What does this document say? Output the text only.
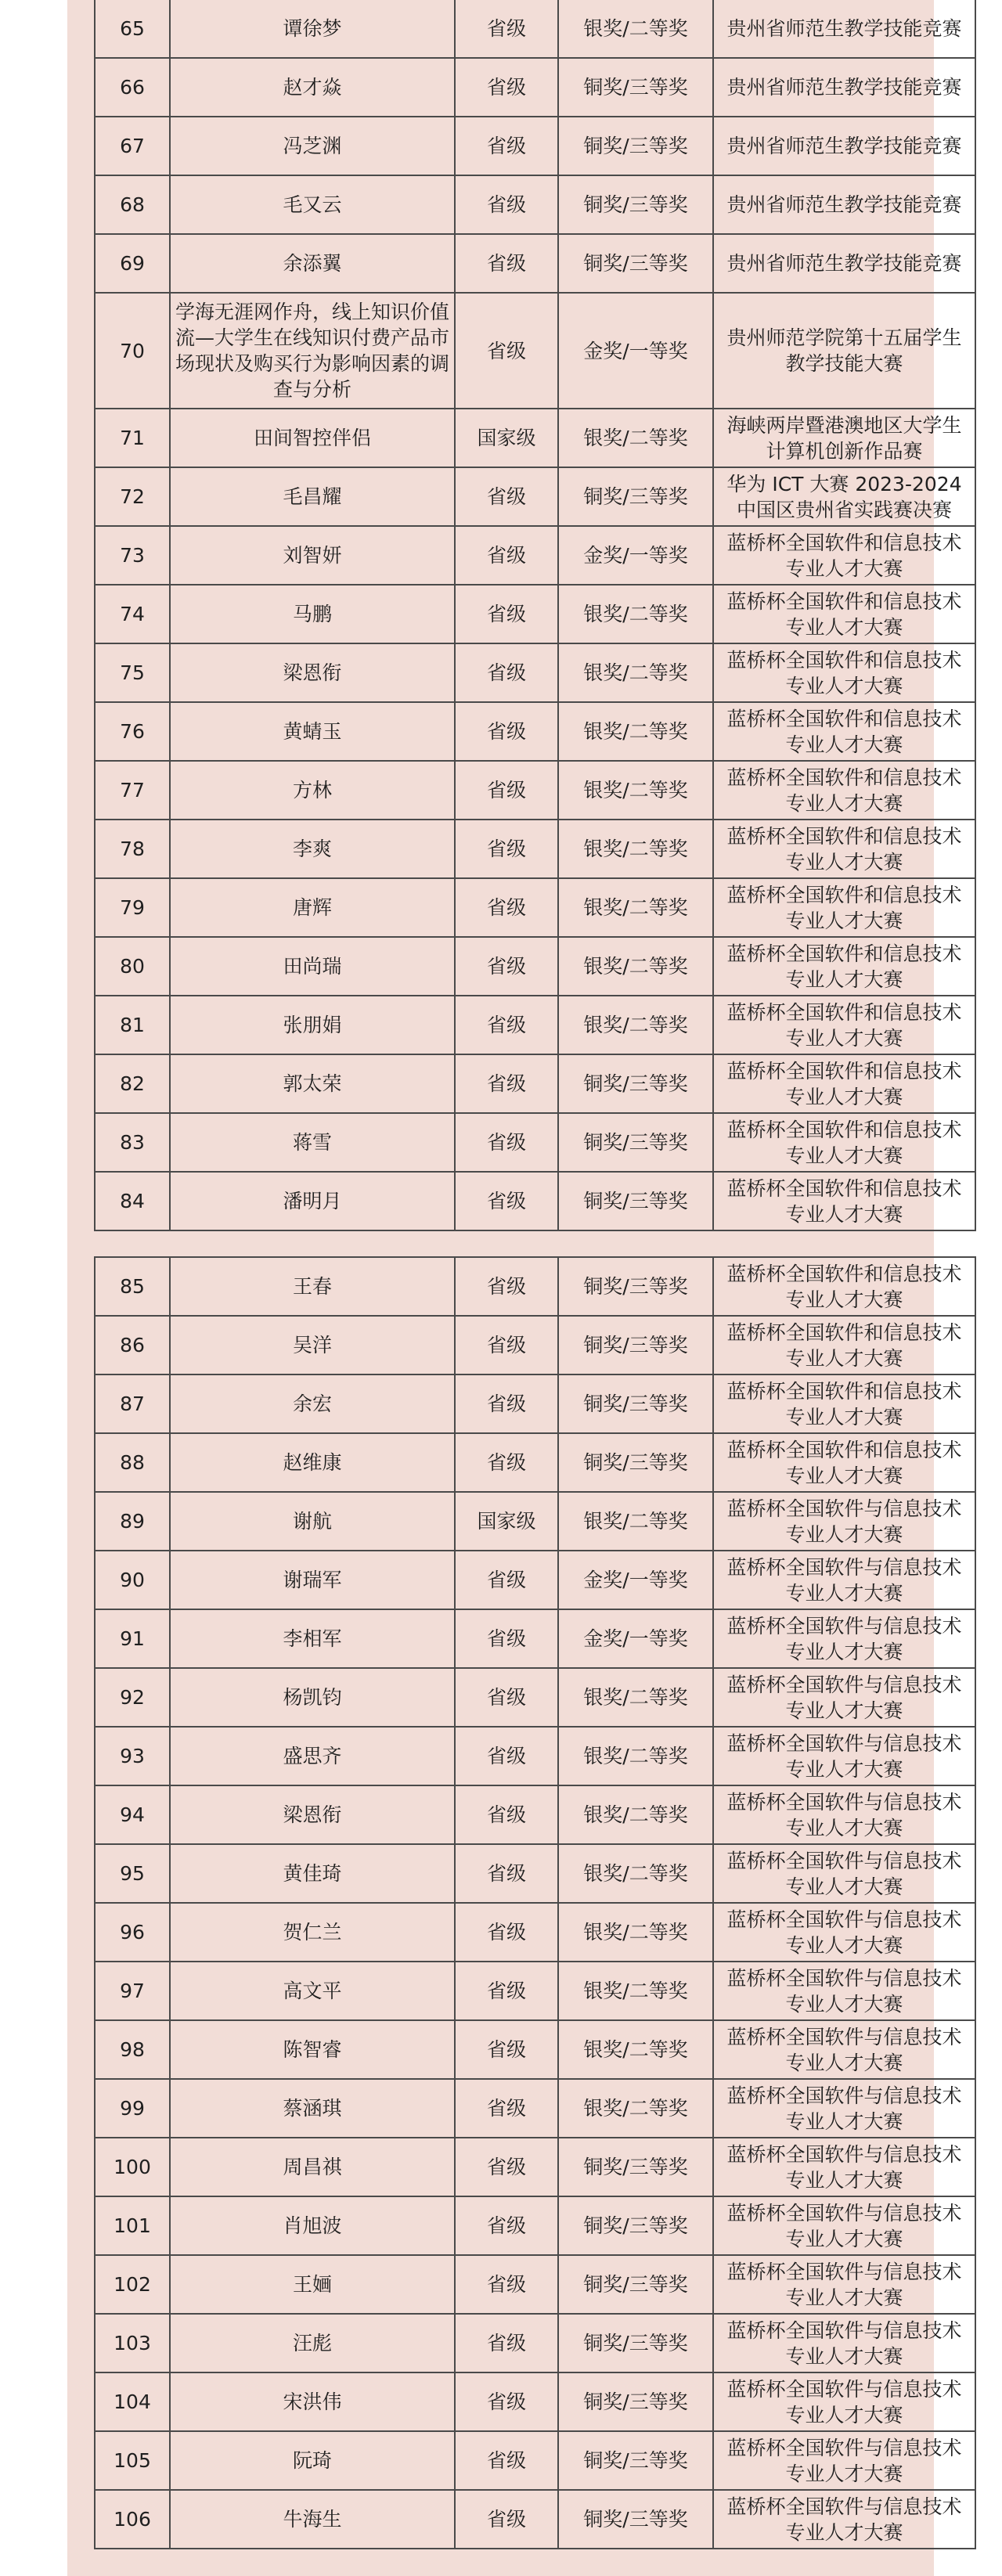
65	谭徐梦	省级	银奖/二等奖	贵州省师范生教学技能竞赛
66	赵才焱	省级	铜奖/三等奖	贵州省师范生教学技能竞赛
67	冯芝渊	省级	铜奖/三等奖	贵州省师范生教学技能竞赛
68	毛又云	省级	铜奖/三等奖	贵州省师范生教学技能竞赛
69	余添翼	省级	铜奖/三等奖	贵州省师范生教学技能竞赛
70	学海无涯网作舟，线上知识价值流—大学生在线知识付费产品市场现状及购买行为影响因素的调查与分析	省级	金奖/一等奖	贵州师范学院第十五届学生教学技能大赛
71	田间智控伴侣	国家级	银奖/二等奖	海峡两岸暨港澳地区大学生计算机创新作品赛
72	毛昌耀	省级	铜奖/三等奖	华为 ICT 大赛 2023-2024 中国区贵州省实践赛决赛
73	刘智妍	省级	金奖/一等奖	蓝桥杯全国软件和信息技术专业人才大赛
74	马鹏	省级	银奖/二等奖	蓝桥杯全国软件和信息技术专业人才大赛
75	梁恩衔	省级	银奖/二等奖	蓝桥杯全国软件和信息技术专业人才大赛
76	黄蜻玉	省级	银奖/二等奖	蓝桥杯全国软件和信息技术专业人才大赛
77	方林	省级	银奖/二等奖	蓝桥杯全国软件和信息技术专业人才大赛
78	李爽	省级	银奖/二等奖	蓝桥杯全国软件和信息技术专业人才大赛
79	唐辉	省级	银奖/二等奖	蓝桥杯全国软件和信息技术专业人才大赛
80	田尚瑞	省级	银奖/二等奖	蓝桥杯全国软件和信息技术专业人才大赛
81	张朋娟	省级	银奖/二等奖	蓝桥杯全国软件和信息技术专业人才大赛
82	郭太荣	省级	铜奖/三等奖	蓝桥杯全国软件和信息技术专业人才大赛
83	蒋雪	省级	铜奖/三等奖	蓝桥杯全国软件和信息技术专业人才大赛
84	潘明月	省级	铜奖/三等奖	蓝桥杯全国软件和信息技术专业人才大赛
85	王春	省级	铜奖/三等奖	蓝桥杯全国软件和信息技术专业人才大赛
86	吴洋	省级	铜奖/三等奖	蓝桥杯全国软件和信息技术专业人才大赛
87	余宏	省级	铜奖/三等奖	蓝桥杯全国软件和信息技术专业人才大赛
88	赵维康	省级	铜奖/三等奖	蓝桥杯全国软件和信息技术专业人才大赛
89	谢航	国家级	银奖/二等奖	蓝桥杯全国软件与信息技术专业人才大赛
90	谢瑞军	省级	金奖/一等奖	蓝桥杯全国软件与信息技术专业人才大赛
91	李相军	省级	金奖/一等奖	蓝桥杯全国软件与信息技术专业人才大赛
92	杨凯钧	省级	银奖/二等奖	蓝桥杯全国软件与信息技术专业人才大赛
93	盛思齐	省级	银奖/二等奖	蓝桥杯全国软件与信息技术专业人才大赛
94	梁恩衔	省级	银奖/二等奖	蓝桥杯全国软件与信息技术专业人才大赛
95	黄佳琦	省级	银奖/二等奖	蓝桥杯全国软件与信息技术专业人才大赛
96	贺仁兰	省级	银奖/二等奖	蓝桥杯全国软件与信息技术专业人才大赛
97	高文平	省级	银奖/二等奖	蓝桥杯全国软件与信息技术专业人才大赛
98	陈智睿	省级	银奖/二等奖	蓝桥杯全国软件与信息技术专业人才大赛
99	蔡涵琪	省级	银奖/二等奖	蓝桥杯全国软件与信息技术专业人才大赛
100	周昌祺	省级	铜奖/三等奖	蓝桥杯全国软件与信息技术专业人才大赛
101	肖旭波	省级	铜奖/三等奖	蓝桥杯全国软件与信息技术专业人才大赛
102	王婳	省级	铜奖/三等奖	蓝桥杯全国软件与信息技术专业人才大赛
103	汪彪	省级	铜奖/三等奖	蓝桥杯全国软件与信息技术专业人才大赛
104	宋洪伟	省级	铜奖/三等奖	蓝桥杯全国软件与信息技术专业人才大赛
105	阮琦	省级	铜奖/三等奖	蓝桥杯全国软件与信息技术专业人才大赛
106	牛海生	省级	铜奖/三等奖	蓝桥杯全国软件与信息技术专业人才大赛
